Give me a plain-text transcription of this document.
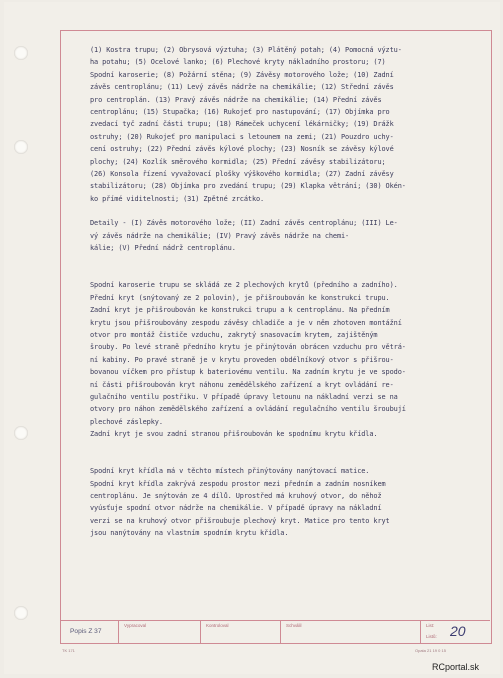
(1) Kostra trupu; (2) Obrysová výztuha; (3) Plátěný potah; (4) Pomocná výztu-
ha potahu; (5) Ocelové lanko; (6) Plechové kryty nákladního prostoru; (7)
Spodní karoserie; (8) Požární stěna; (9) Závěsy motorového lože; (10) Zadní
závěs centroplánu; (11) Levý závěs nádrže na chemikálie; (12) Střední závěs
pro centroplán. (13) Pravý závěs nádrže na chemikálie; (14) Přední závěs
centroplánu; (15) Stupačka; (16) Rukojeť pro nastupování; (17) Objímka pro
zvedací tyč zadní části trupu; (18) Rámeček uchycení lékárničky; (19) Drážk
ostruhy; (20) Rukojeť pro manipulaci s letounem na zemi; (21) Pouzdro uchy-
cení ostruhy; (22) Přední závěs kýlové plochy; (23) Nosník se závěsy kýlové
plochy; (24) Kozlík směrového kormidla; (25) Přední závěsy stabilizátoru;
(26) Konsola řízení vyvažovací plošky výškového kormidla; (27) Zadní závěsy
stabilizátoru; (28) Objímka pro zvedání trupu; (29) Klapka větrání; (30) Okén-
ko přímé viditelnosti; (31) Zpětné zrcátko.
Detaily - (I) Závěs motorového lože; (II) Zadní závěs centroplánu; (III) Le-
vý závěs nádrže na chemikálie; (IV) Pravý závěs nádrže na chemi-
kálie; (V) Přední nádrž centroplánu.
Spodní karoserie trupu se skládá ze 2 plechových krytů (předního a zadního).
Přední kryt (snýtovaný ze 2 polovin), je přišroubován ke konstrukci trupu.
Zadní kryt je přišroubován ke konstrukci trupu a k centroplánu. Na předním
krytu jsou přišroubovány zespodu závěsy chladiče a je v něm zhotoven montážní
otvor pro montáž čističe vzduchu, zakrytý snasovacím krytem, zajištěným
šrouby. Po levé straně předního krytu je přinýtován obrácen vzduchu pro větrá-
ní kabiny. Po pravé straně je v krytu proveden obdélníkový otvor s přišrou-
bovanou víčkem pro přístup k bateriovému ventilu. Na zadním krytu je ve spodo-
ní části přišroubován kryt náhonu zemědělského zařízení a kryt ovládání re-
gulačního ventilu postřiku. V případě úpravy letounu na nákladní verzi se na
otvory pro náhon zemědělského zařízení a ovládání regulačního ventilu šroubují
plechové záslepky.
Zadní kryt je svou zadní stranou přišroubován ke spodnímu krytu křídla.
Spodní kryt křídla má v těchto místech přinýtovány nanýtovací matice.
Spodní kryt křídla zakrývá zespodu prostor mezi předním a zadním nosníkem
centroplánu. Je snýtován ze 4 dílů. Uprostřed má kruhový otvor, do něhož
vyúsťuje spodní otvor nádrže na chemikálie. V případě úpravy na nákladní
verzi se na kruhový otvor přišroubuje plechový kryt. Matice pro tento kryt
jsou nanýtovány na vlastním spodním krytu křídla.
Popis Z 37
Vypracoval	Kontroloval	Schválil	List:
Listů: 20
TK 171	Opata 21 19 0 15
RCportal.sk
